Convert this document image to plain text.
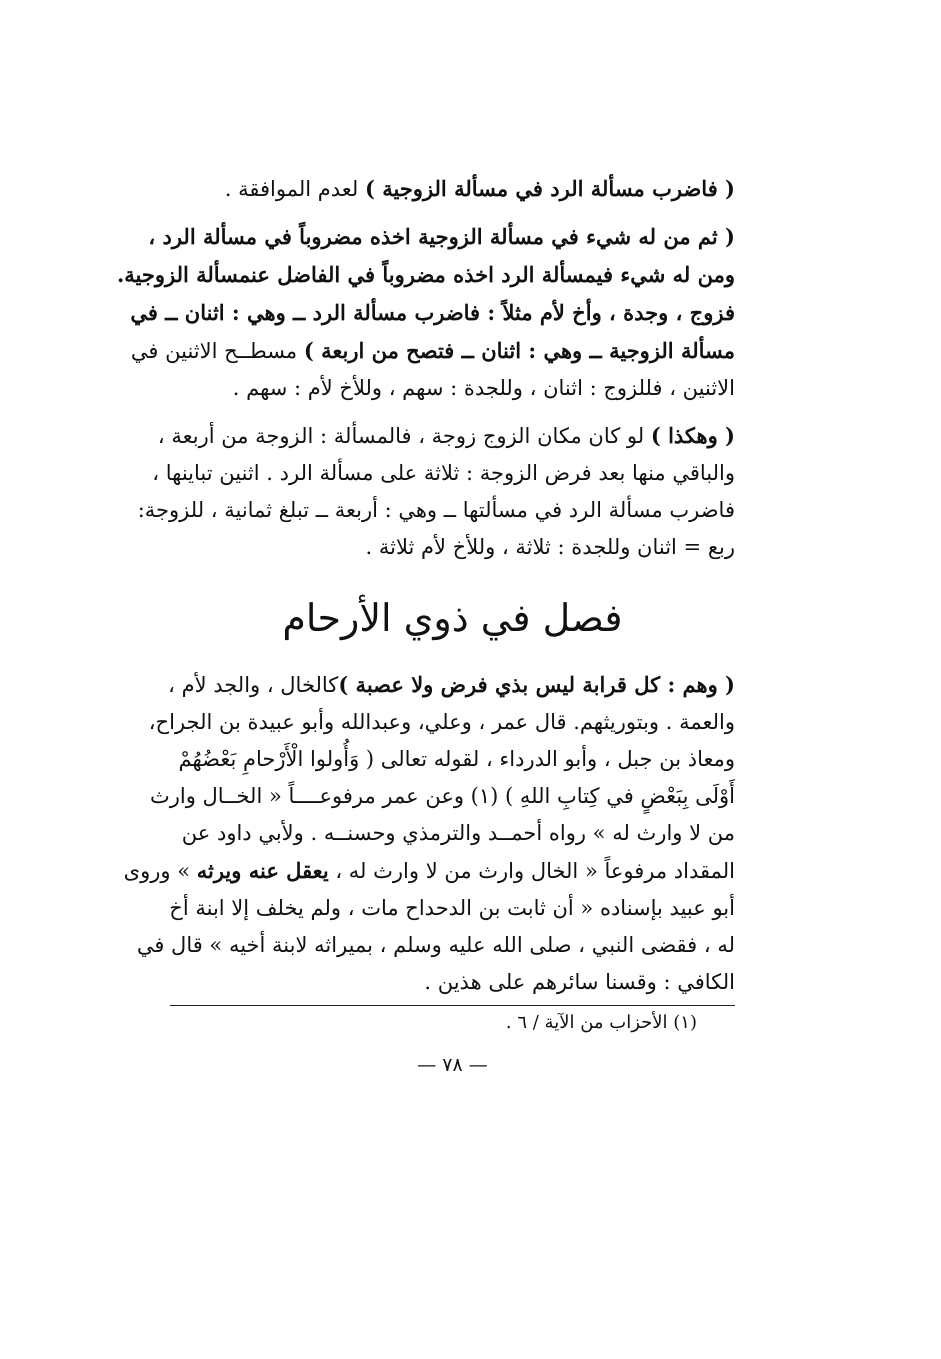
( فاضرب مسألة الرد في مسألة الزوجية ) لعدم الموافقة .
( ثم من له شيء في مسألة الزوجية اخذه مضروباً في مسألة الرد ،
ومن له شيء فيمسألة الرد اخذه مضروباً في الفاضل عنمسألة الزوجية.
فزوج ، وجدة ، وأخ لأم مثلاً : فاضرب مسألة الرد ــ وهي : اثنان ــ في
مسألة الزوجية ــ وهي : اثنان ــ فتصح من اربعة ) مسطــح الاثنين في
الاثنين ، فللزوج : اثنان ، وللجدة : سهم ، وللأخ لأم : سهم .
( وهكذا ) لو كان مكان الزوج زوجة ، فالمسألة : الزوجة من أربعة ،
والباقي منها بعد فرض الزوجة : ثلاثة على مسألة الرد . اثنين تباينها ،
فاضرب مسألة الرد في مسألتها ــ وهي : أربعة ــ تبلغ ثمانية ، للزوجة:
ربع = اثنان وللجدة : ثلاثة ، وللأخ لأم ثلاثة .
فصل في ذوي الأرحام
( وهم : كل قرابة ليس بذي فرض ولا عصبة )كالخال ، والجد لأم ،
والعمة . وبتوريثهم. قال عمر ، وعلي، وعبدالله وأبو عبيدة بن الجراح،
ومعاذ بن جبل ، وأبو الدرداء ، لقوله تعالى ( وَأُولوا الْأَرْحامِ بَعْضُهُمْ
أَوْلَى بِبَعْضٍ في كِتابِ اللهِ ) (١) وعن عمر مرفوعــــاً « الخــال وارث
من لا وارث له » رواه أحمــد والترمذي وحسنــه . ولأبي داود عن
المقداد مرفوعاً « الخال وارث من لا وارث له ، يعقل عنه ويرثه » وروى
أبو عبيد بإسناده « أن ثابت بن الدحداح مات ، ولم يخلف إلا ابنة أخ
له ، فقضى النبي ، صلى الله عليه وسلم ، بميراثه لابنة أخيه » قال في
الكافي : وقسنا سائرهم على هذين .
(١) الأحزاب من الآية / ٦ .
— ٧٨ —
